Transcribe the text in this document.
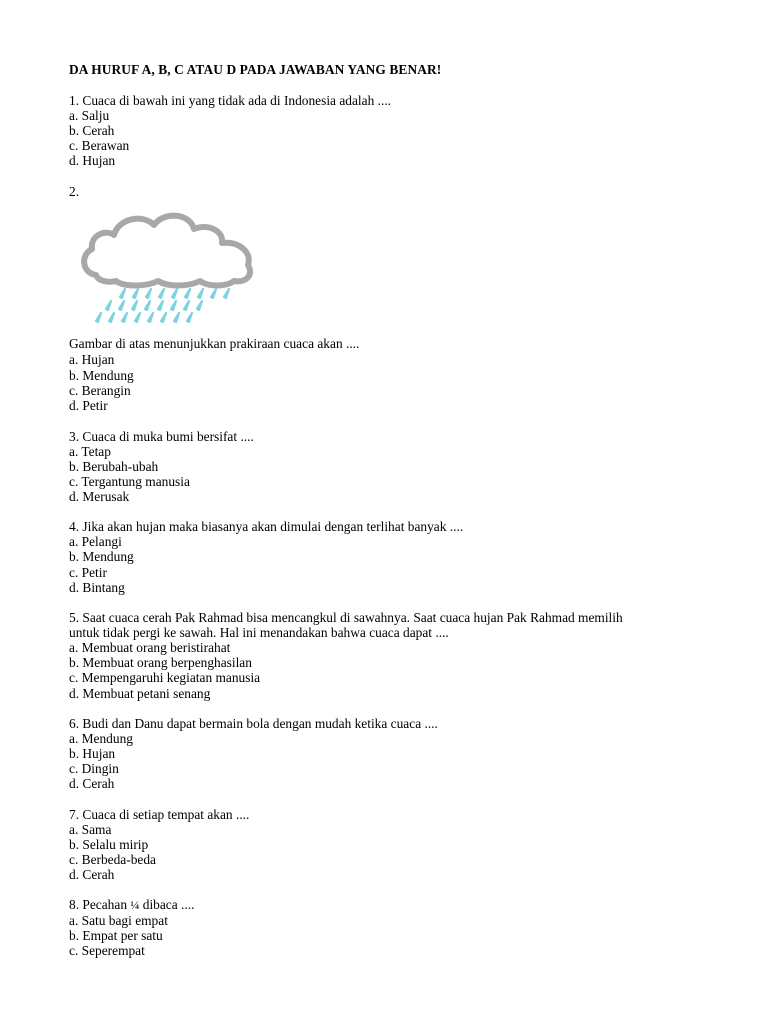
DA HURUF A, B, C ATAU D PADA JAWABAN YANG BENAR!
1. Cuaca di bawah ini yang tidak ada di Indonesia adalah ....
a. Salju
b. Cerah
c. Berawan
d. Hujan
2.
Gambar di atas menunjukkan prakiraan cuaca akan ....
a. Hujan
b. Mendung
c. Berangin
d. Petir
3. Cuaca di muka bumi bersifat ....
a. Tetap
b. Berubah-ubah
c. Tergantung manusia
d. Merusak
4. Jika akan hujan maka biasanya akan dimulai dengan terlihat banyak ....
a. Pelangi
b. Mendung
c. Petir
d. Bintang
5. Saat cuaca cerah Pak Rahmad bisa mencangkul di sawahnya. Saat cuaca hujan Pak Rahmad memilih
untuk tidak pergi ke sawah. Hal ini menandakan bahwa cuaca dapat ....
a. Membuat orang beristirahat
b. Membuat orang berpenghasilan
c. Mempengaruhi kegiatan manusia
d. Membuat petani senang
6. Budi dan Danu dapat bermain bola dengan mudah ketika cuaca ....
a. Mendung
b. Hujan
c. Dingin
d. Cerah
7. Cuaca di setiap tempat akan ....
a. Sama
b. Selalu mirip
c. Berbeda-beda
d. Cerah
8. Pecahan ¼ dibaca ....
a. Satu bagi empat
b. Empat per satu
c. Seperempat
